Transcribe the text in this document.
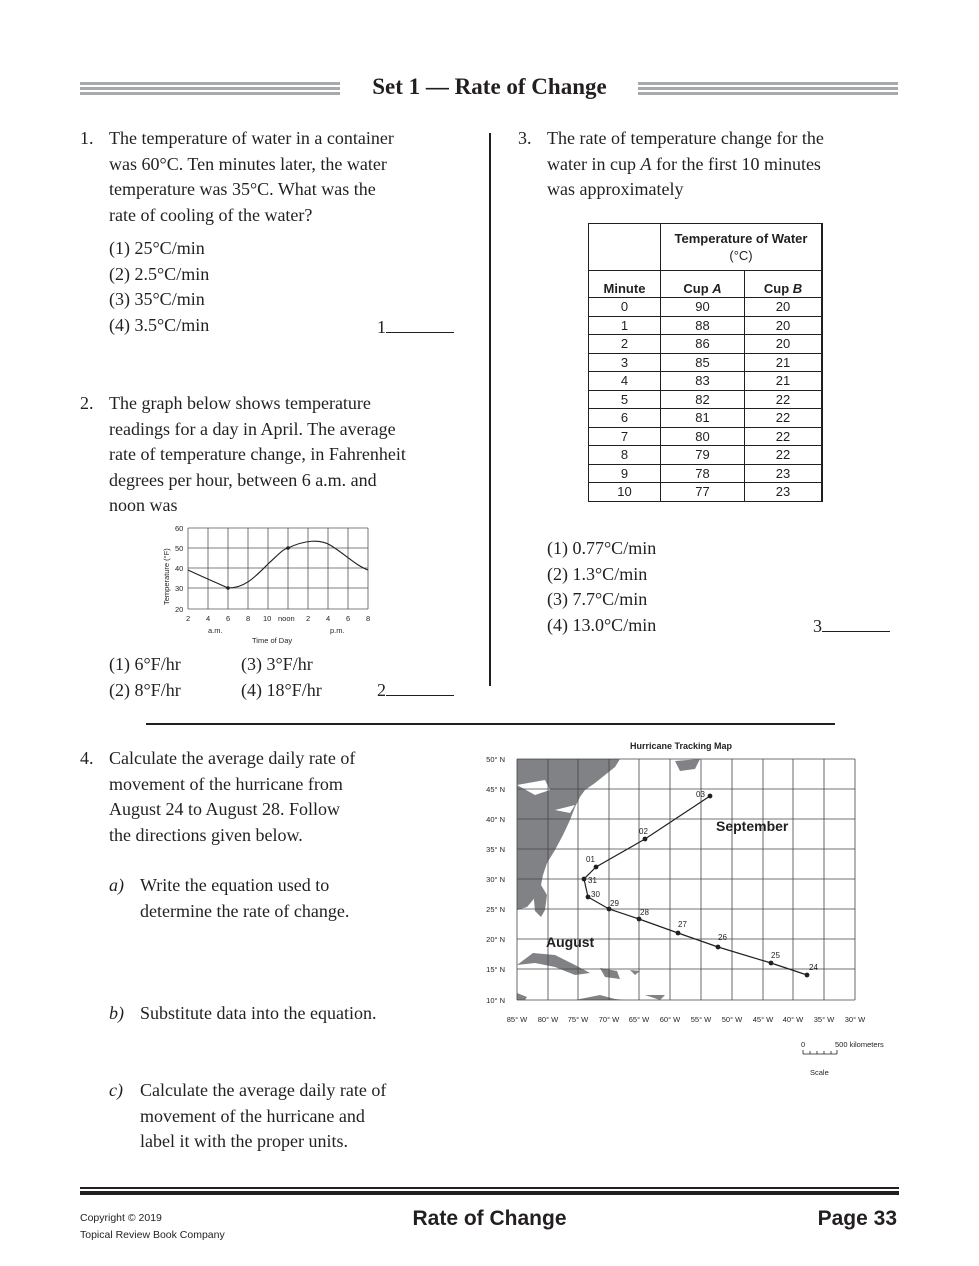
Set 1 — Rate of Change
1. The temperature of water in a container
was 60°C. Ten minutes later, the water
temperature was 35°C. What was the
rate of cooling of the water?
(1) 25°C/min
(2) 2.5°C/min
(3) 35°C/min
(4) 3.5°C/min	1
2. The graph below shows temperature
readings for a day in April. The average
rate of temperature change, in Fahrenheit
degrees per hour, between 6 a.m. and
noon was
60
50
40
30
20
2 4 6 8 10 noon 2 4 6 8
a.m.	p.m.
Time of Day
Temperature (°F)
(1) 6°F/hr
(2) 8°F/hr
(3) 3°F/hr
(4) 18°F/hr	2
3. The rate of temperature change for the
water in cup A for the first 10 minutes
was approximately

	Temperature of Water
(°C)	

Minute	Cup A	Cup B
0	90	20
1	88	20
2	86	20
3	85	21
4	83	21
5	82	22
6	81	22
7	80	22
8	79	22
9	78	23
10	77	23
(1) 0.77°C/min
(2) 1.3°C/min
(3) 7.7°C/min
(4) 13.0°C/min	3
4. Calculate the average daily rate of
movement of the hurricane from
August 24 to August 28. Follow
the directions given below.
a) Write the equation used to
determine the rate of change.
b) Substitute data into the equation.
c) Calculate the average daily rate of
movement of the hurricane and
label it with the proper units.
Hurricane Tracking Map
24
25
26
27
28
29
30
31
01
02
03
August
September
50° N
45° N
40° N
35° N
30° N
25° N
20° N
15° N
10° N
85° W 80° W 75° W 70° W 65° W 60° W 55° W 50° W 45° W 40° W 35° W 30° W
0	500 kilometers
Scale
Copyright © 2019
Topical Review Book Company
Rate of Change	Page 33
